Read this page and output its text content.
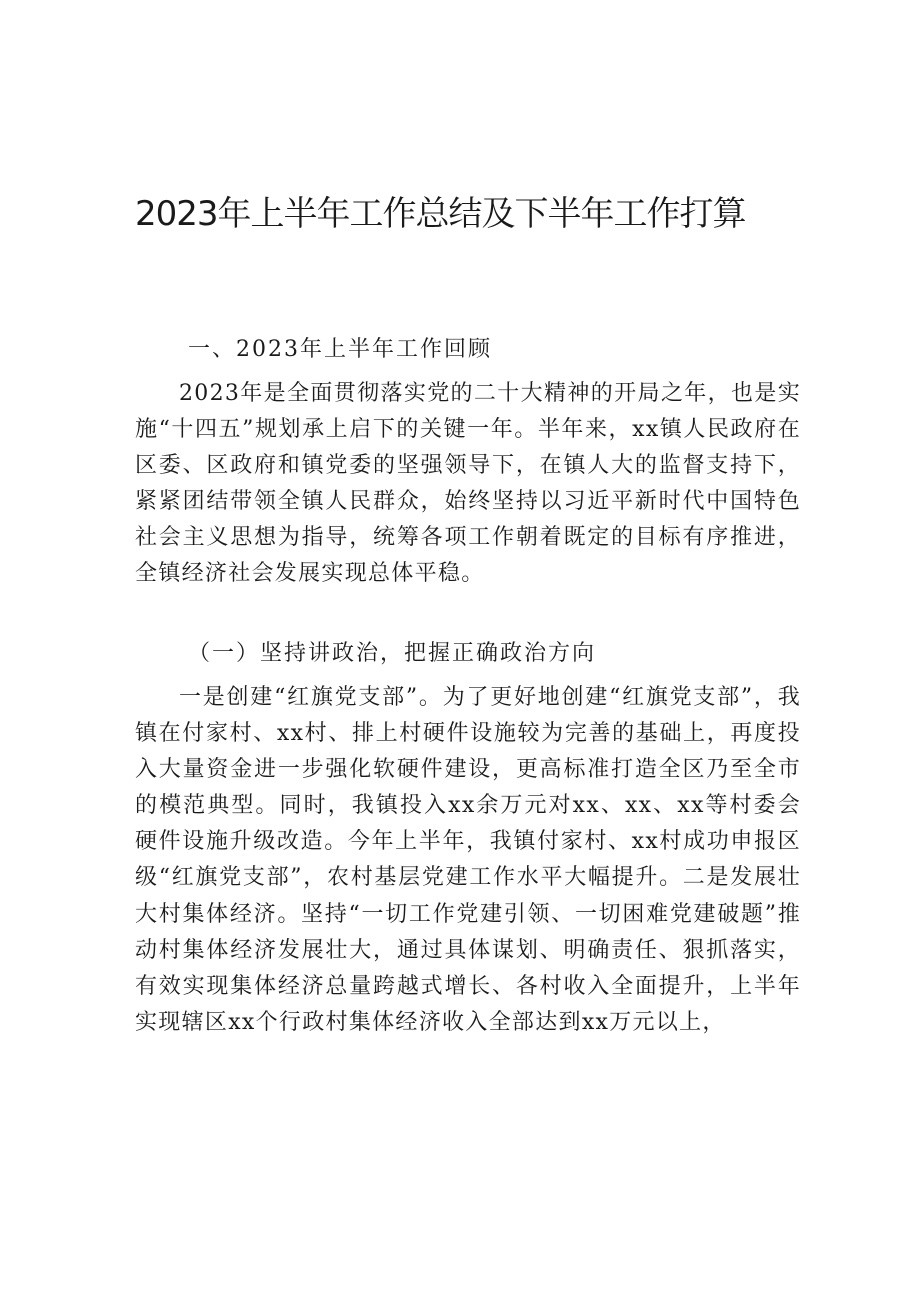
2023年上半年工作总结及下半年工作打算
一、2023年上半年工作回顾

2023年是全面贯彻落实党的二十大精神的开局之年，也是实施“十四五”规划承上启下的关键一年。半年来，xx镇人民政府在区委、区政府和镇党委的坚强领导下，在镇人大的监督支持下，紧紧团结带领全镇人民群众，始终坚持以习近平新时代中国特色社会主义思想为指导，统筹各项工作朝着既定的目标有序推进，全镇经济社会发展实现总体平稳。

（一）坚持讲政治，把握正确政治方向

一是创建“红旗党支部”。为了更好地创建“红旗党支部”，我镇在付家村、xx村、排上村硬件设施较为完善的基础上，再度投入大量资金进一步强化软硬件建设，更高标准打造全区乃至全市的模范典型。同时，我镇投入xx余万元对xx、xx、xx等村委会硬件设施升级改造。今年上半年，我镇付家村、xx村成功申报区级“红旗党支部”，农村基层党建工作水平大幅提升。二是发展壮大村集体经济。坚持“一切工作党建引领、一切困难党建破题”推动村集体经济发展壮大，通过具体谋划、明确责任、狠抓落实，有效实现集体经济总量跨越式增长、各村收入全面提升，上半年实现辖区xx个行政村集体经济收入全部达到xx万元以上，
